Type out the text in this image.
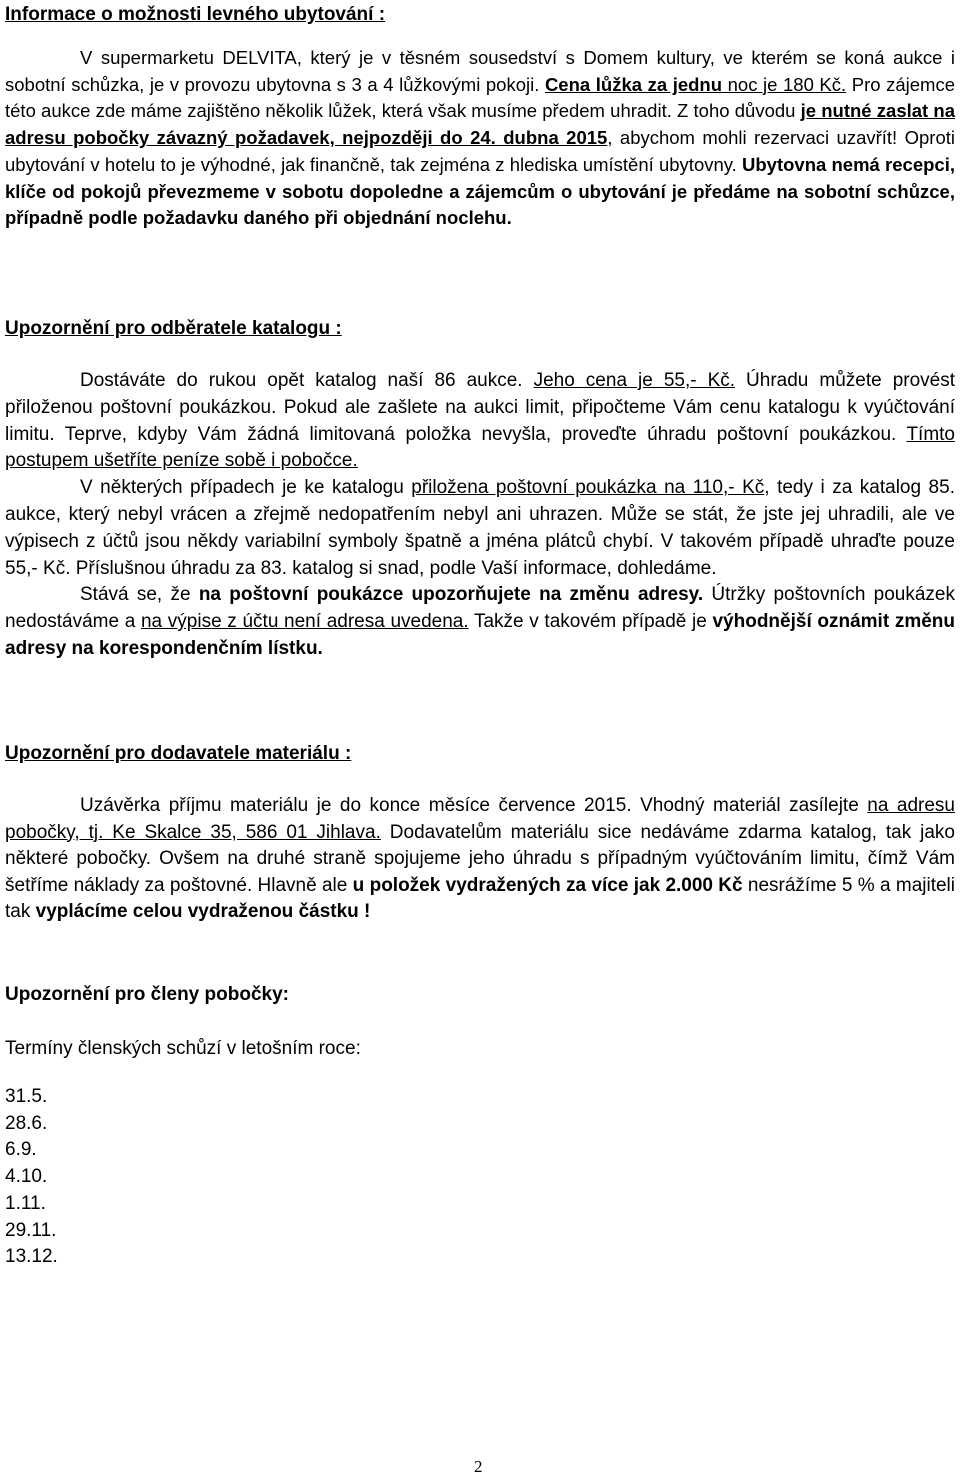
Informace o možnosti levného ubytování :

V supermarketu DELVITA, který je v těsném sousedství s Domem kultury, ve kterém se koná aukce i sobotní schůzka, je v provozu ubytovna s 3 a 4 lůžkovými pokoji. Cena lůžka za jednu noc je 180 Kč. Pro zájemce této aukce zde máme zajištěno několik lůžek, která však musíme předem uhradit. Z toho důvodu je nutné zaslat na adresu pobočky závazný požadavek, nejpozději do 24. dubna 2015, abychom mohli rezervaci uzavřít! Oproti ubytování v hotelu to je výhodné, jak finančně, tak zejména z hlediska umístění ubytovny. Ubytovna nemá recepci, klíče od pokojů převezmeme v sobotu dopoledne a zájemcům o ubytování je předáme na sobotní schůzce, případně podle požadavku daného při objednání noclehu.

Upozornění pro odběratele katalogu :

Dostáváte do rukou opět katalog naší 86 aukce. Jeho cena je 55,- Kč. Úhradu můžete provést přiloženou poštovní poukázkou. Pokud ale zašlete na aukci limit, připočteme Vám cenu katalogu k vyúčtování limitu. Teprve, kdyby Vám žádná limitovaná položka nevyšla, proveďte úhradu poštovní poukázkou. Tímto postupem ušetříte peníze sobě i pobočce.

V některých případech je ke katalogu přiložena poštovní poukázka na 110,- Kč, tedy i za katalog 85. aukce, který nebyl vrácen a zřejmě nedopatřením nebyl ani uhrazen. Může se stát, že jste jej uhradili, ale ve výpisech z účtů jsou někdy variabilní symboly špatně a jména plátců chybí. V takovém případě uhraďte pouze 55,- Kč. Příslušnou úhradu za 83. katalog si snad, podle Vaší informace, dohledáme.

Stává se, že na poštovní poukázce upozorňujete na změnu adresy. Útržky poštovních poukázek nedostáváme a na výpise z účtu není adresa uvedena. Takže v takovém případě je výhodnější oznámit změnu adresy na korespondenčním lístku.

Upozornění pro dodavatele materiálu :

Uzávěrka příjmu materiálu je do konce měsíce července 2015. Vhodný materiál zasílejte na adresu pobočky, tj. Ke Skalce 35, 586 01 Jihlava. Dodavatelům materiálu sice nedáváme zdarma katalog, tak jako některé pobočky. Ovšem na druhé straně spojujeme jeho úhradu s případným vyúčtováním limitu, čímž Vám šetříme náklady za poštovné. Hlavně ale u položek vydražených za více jak 2.000 Kč nesrážíme 5 % a majiteli tak vyplácíme celou vydraženou částku !

Upozornění pro členy pobočky:
Termíny členských schůzí v letošním roce:
31.5.
28.6.
6.9.
4.10.
1.11.
29.11.
13.12.
2
